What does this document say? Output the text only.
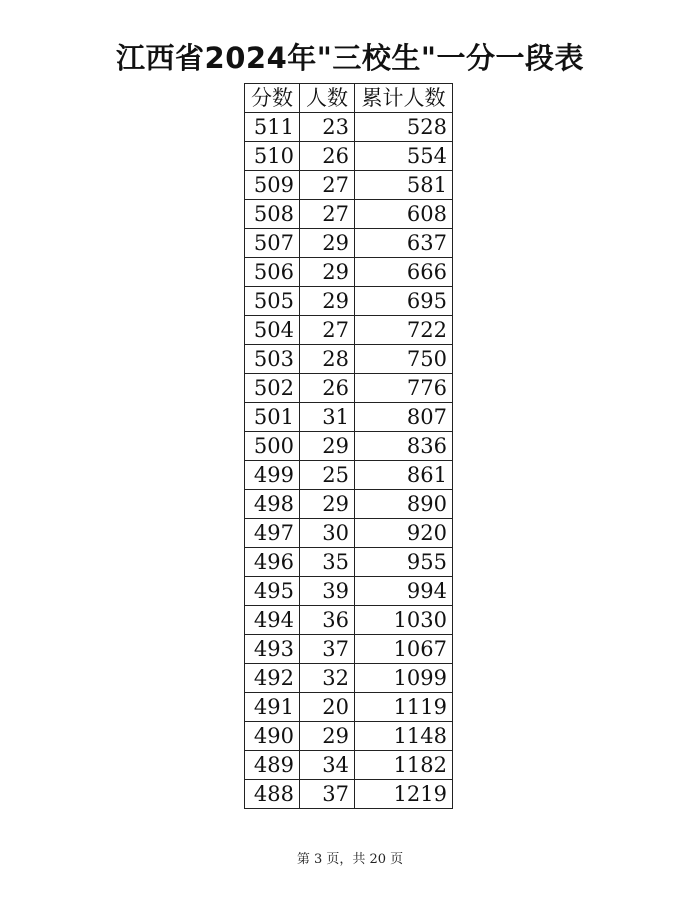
江西省2024年"三校生"一分一段表
分数	人数	累计人数
511	23	528
510	26	554
509	27	581
508	27	608
507	29	637
506	29	666
505	29	695
504	27	722
503	28	750
502	26	776
501	31	807
500	29	836
499	25	861
498	29	890
497	30	920
496	35	955
495	39	994
494	36	1030
493	37	1067
492	32	1099
491	20	1119
490	29	1148
489	34	1182
488	37	1219
第 3 页，共 20 页
